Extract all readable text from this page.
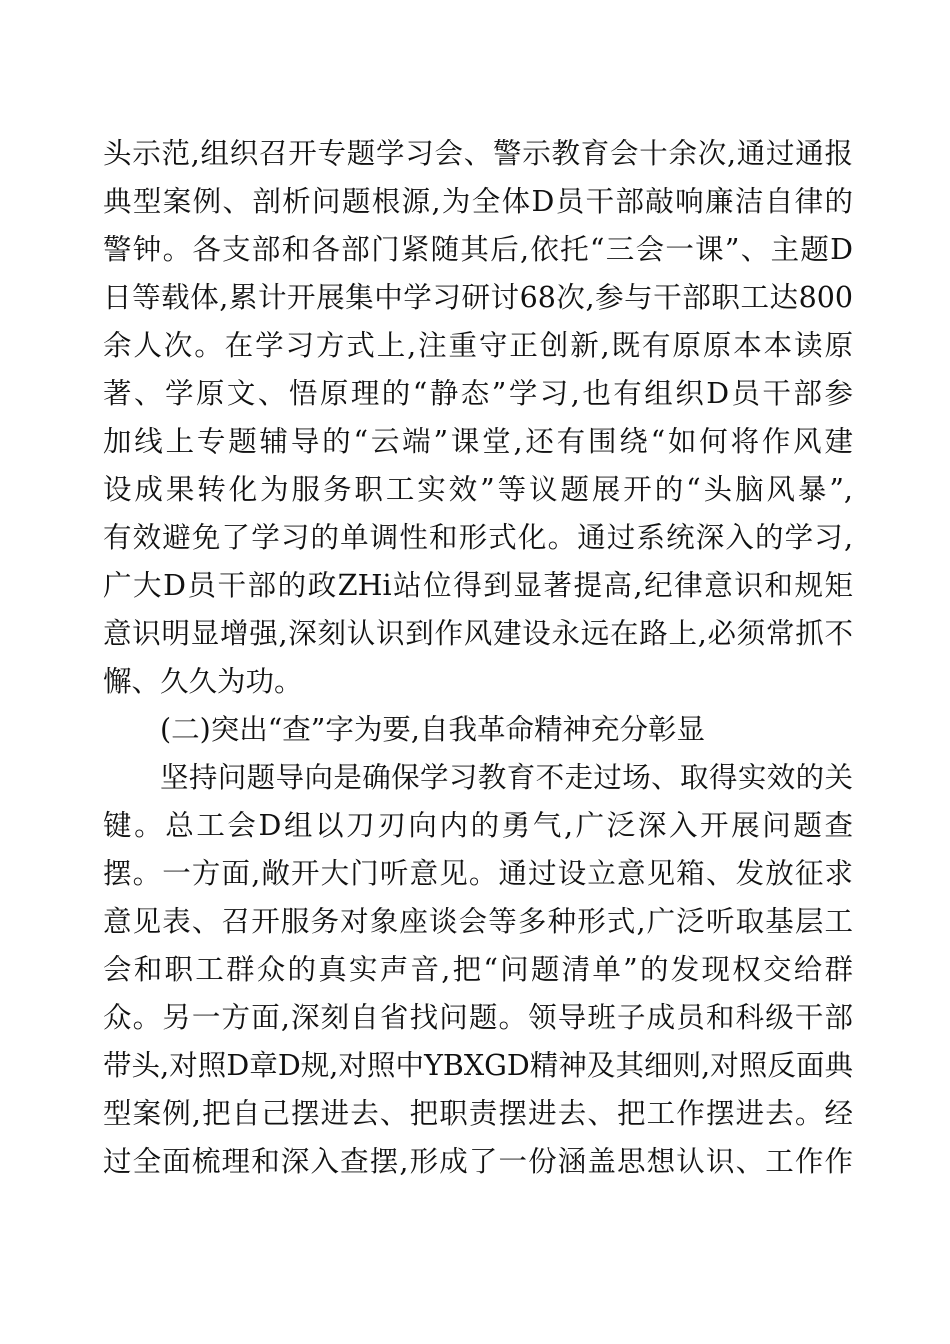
头示范,组织召开专题学习会、警示教育会十余次,通过通报
典型案例、剖析问题根源,为全体D员干部敲响廉洁自律的
警钟。各支部和各部门紧随其后,依托“三会一课”、主题D
日等载体,累计开展集中学习研讨68次,参与干部职工达800
余人次。在学习方式上,注重守正创新,既有原原本本读原
著、学原文、悟原理的“静态”学习,也有组织D员干部参
加线上专题辅导的“云端”课堂,还有围绕“如何将作风建
设成果转化为服务职工实效”等议题展开的“头脑风暴”,
有效避免了学习的单调性和形式化。通过系统深入的学习,
广大D员干部的政ZHi站位得到显著提高,纪律意识和规矩
意识明显增强,深刻认识到作风建设永远在路上,必须常抓不
懈、久久为功。
(二)突出“查”字为要,自我革命精神充分彰显
坚持问题导向是确保学习教育不走过场、取得实效的关
键。总工会D组以刀刃向内的勇气,广泛深入开展问题查
摆。一方面,敞开大门听意见。通过设立意见箱、发放征求
意见表、召开服务对象座谈会等多种形式,广泛听取基层工
会和职工群众的真实声音,把“问题清单”的发现权交给群
众。另一方面,深刻自省找问题。领导班子成员和科级干部
带头,对照D章D规,对照中YBXGD精神及其细则,对照反面典
型案例,把自己摆进去、把职责摆进去、把工作摆进去。经
过全面梳理和深入查摆,形成了一份涵盖思想认识、工作作
